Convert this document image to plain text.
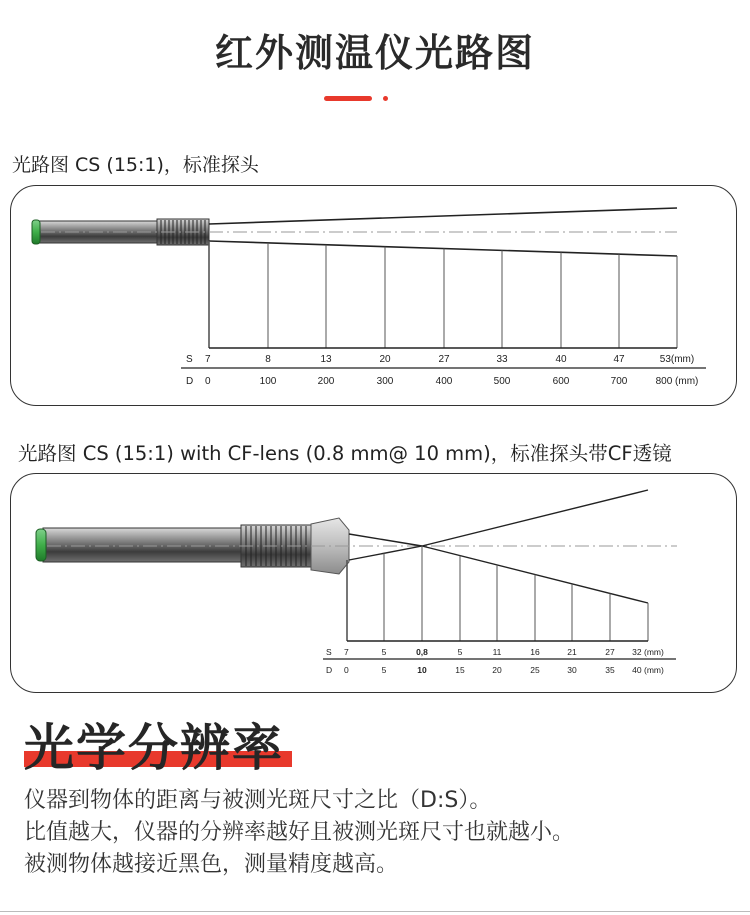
红外测温仪光路图
光路图 CS (15:1)，标准探头
S
D
7
0
8
100
13
200
20
300
27
400
33
500
40
600
47
700
53(mm)
800 (mm)
光路图 CS (15:1) with CF-lens (0.8 mm@ 10 mm)，标准探头带CF透镜
S
D
7
0
5
5
0,8
10
5
15
11
20
16
25
21
30
27
35
32 (mm)
40 (mm)
光学分辨率
仪器到物体的距离与被测光斑尺寸之比（D:S）。
比值越大，仪器的分辨率越好且被测光斑尺寸也就越小。
被测物体越接近黑色，测量精度越高。
